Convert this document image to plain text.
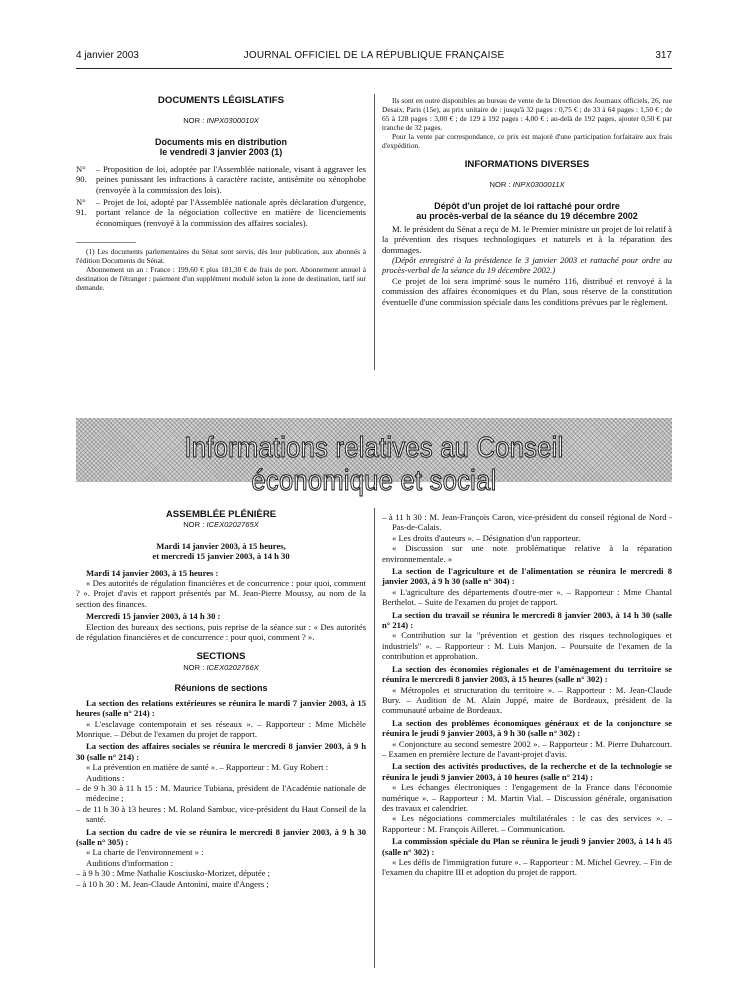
4 janvier 2003	JOURNAL OFFICIEL DE LA RÉPUBLIQUE FRANÇAISE	317

DOCUMENTS LÉGISLATIFS

NOR : INPX0300010X

Documents mis en distribution

le vendredi 3 janvier 2003 (1)

N° 90.
– Proposition de loi, adoptée par l'Assemblée nationale, visant à aggraver les peines punissant les infractions à caractère raciste, antisémite ou xénophobe (renvoyée à la commission des lois).
N° 91.
– Projet de loi, adopté par l'Assemblée nationale après déclaration d'urgence, portant relance de la négociation collective en matière de licenciements économiques (renvoyé à la commission des affaires sociales).

(1) Les documents parlementaires du Sénat sont servis, dès leur publication, aux abonnés à l'édition Documents du Sénat.

Abonnement un an : France : 199,60 € plus 181,30 € de frais de port. Abonnement annuel à destination de l'étranger : paiement d'un supplément modulé selon la zone de destination, tarif sur demande.

Ils sont en outre disponibles au bureau de vente de la Direction des Journaux officiels, 26, rue Desaix, Paris (15e), au prix unitaire de : jusqu'à 32 pages : 0,75 € ; de 33 à 64 pages : 1,50 € ; de 65 à 128 pages : 3,00 € ; de 129 à 192 pages : 4,00 € ; au-delà de 192 pages, ajouter 0,50 € par tranche de 32 pages.

Pour la vente par correspondance, ce prix est majoré d'une participation forfaitaire aux frais d'expédition.

INFORMATIONS DIVERSES

NOR : INPX0300011X

Dépôt d'un projet de loi rattaché pour ordre

au procès-verbal de la séance du 19 décembre 2002

M. le président du Sénat a reçu de M. le Premier ministre un projet de loi relatif à la prévention des risques technologiques et naturels et à la réparation des dommages.

(Dépôt enregistré à la présidence le 3 janvier 2003 et rattaché pour ordre au procès-verbal de la séance du 19 décembre 2002.)

Ce projet de loi sera imprimé sous le numéro 116, distribué et renvoyé à la commission des affaires économiques et du Plan, sous réserve de la constitution éventuelle d'une commission spéciale dans les conditions prévues par le règlement.

Informations relatives au Conseil économique et social

ASSEMBLÉE PLÉNIÈRE

NOR : ICEX0202765X

Mardi 14 janvier 2003, à 15 heures,

et mercredi 15 janvier 2003, à 14 h 30

Mardi 14 janvier 2003, à 15 heures :

« Des autorités de régulation financières et de concurrence : pour quoi, comment ? ». Projet d'avis et rapport présentés par M. Jean-Pierre Moussy, au nom de la section des finances.

Mercredi 15 janvier 2003, à 14 h 30 :

Election des bureaux des sections, puis reprise de la séance sur : « Des autorités de régulation financières et de concurrence : pour quoi, comment ? ».

SECTIONS

NOR : ICEX0202766X

Réunions de sections

La section des relations extérieures se réunira le mardi 7 janvier 2003, à 15 heures (salle n° 214) :

« L'esclavage contemporain et ses réseaux ». – Rapporteur : Mme Michèle Monrique. – Début de l'examen du projet de rapport.

La section des affaires sociales se réunira le mercredi 8 janvier 2003, à 9 h 30 (salle n° 214) :

« La prévention en matière de santé ». – Rapporteur : M. Guy Robert :

Auditions :

– de 9 h 30 à 11 h 15 : M. Maurice Tubiana, président de l'Académie nationale de médecine ;

– de 11 h 30 à 13 heures : M. Roland Sambuc, vice-président du Haut Conseil de la santé.

La section du cadre de vie se réunira le mercredi 8 janvier 2003, à 9 h 30 (salle n° 305) :

« La charte de l'environnement » :

Auditions d'information :

– à 9 h 30 : Mme Nathalie Kosciusko-Morizet, députée ;

– à 10 h 30 : M. Jean-Claude Antonini, maire d'Angers ;

– à 11 h 30 : M. Jean-François Caron, vice-président du conseil régional de Nord - Pas-de-Calais.

« Les droits d'auteurs ». – Désignation d'un rapporteur.

« Discussion sur une note problématique relative à la réparation environnementale. »

La section de l'agriculture et de l'alimentation se réunira le mercredi 8 janvier 2003, à 9 h 30 (salle n° 304) :

« L'agriculture des départements d'outre-mer ». – Rapporteur : Mme Chantal Berthelot. – Suite de l'examen du projet de rapport.

La section du travail se réunira le mercredi 8 janvier 2003, à 14 h 30 (salle n° 214) :

« Contribution sur la "prévention et gestion des risques technologiques et industriels" ». – Rapporteur : M. Luis Manjon. – Poursuite de l'examen de la contribution et approbation.

La section des économies régionales et de l'aménagement du territoire se réunira le mercredi 8 janvier 2003, à 15 heures (salle n° 302) :

« Métropoles et structuration du territoire ». – Rapporteur : M. Jean-Claude Bury. – Audition de M. Alain Juppé, maire de Bordeaux, président de la communauté urbaine de Bordeaux.

La section des problèmes économiques généraux et de la conjoncture se réunira le jeudi 9 janvier 2003, à 9 h 30 (salle n° 302) :

« Conjoncture au second semestre 2002 ». – Rapporteur : M. Pierre Duharcourt. – Examen en première lecture de l'avant-projet d'avis.

La section des activités productives, de la recherche et de la technologie se réunira le jeudi 9 janvier 2003, à 10 heures (salle n° 214) :

« Les échanges électroniques : l'engagement de la France dans l'économie numérique ». – Rapporteur : M. Martin Vial. – Discussion générale, organisation des travaux et calendrier.

« Les négociations commerciales multilatérales : le cas des services ». – Rapporteur : M. François Ailleret. – Communication.

La commission spéciale du Plan se réunira le jeudi 9 janvier 2003, à 14 h 45 (salle n° 302) :

« Les défis de l'immigration future ». – Rapporteur : M. Michel Gevrey. – Fin de l'examen du chapitre III et adoption du projet de rapport.
